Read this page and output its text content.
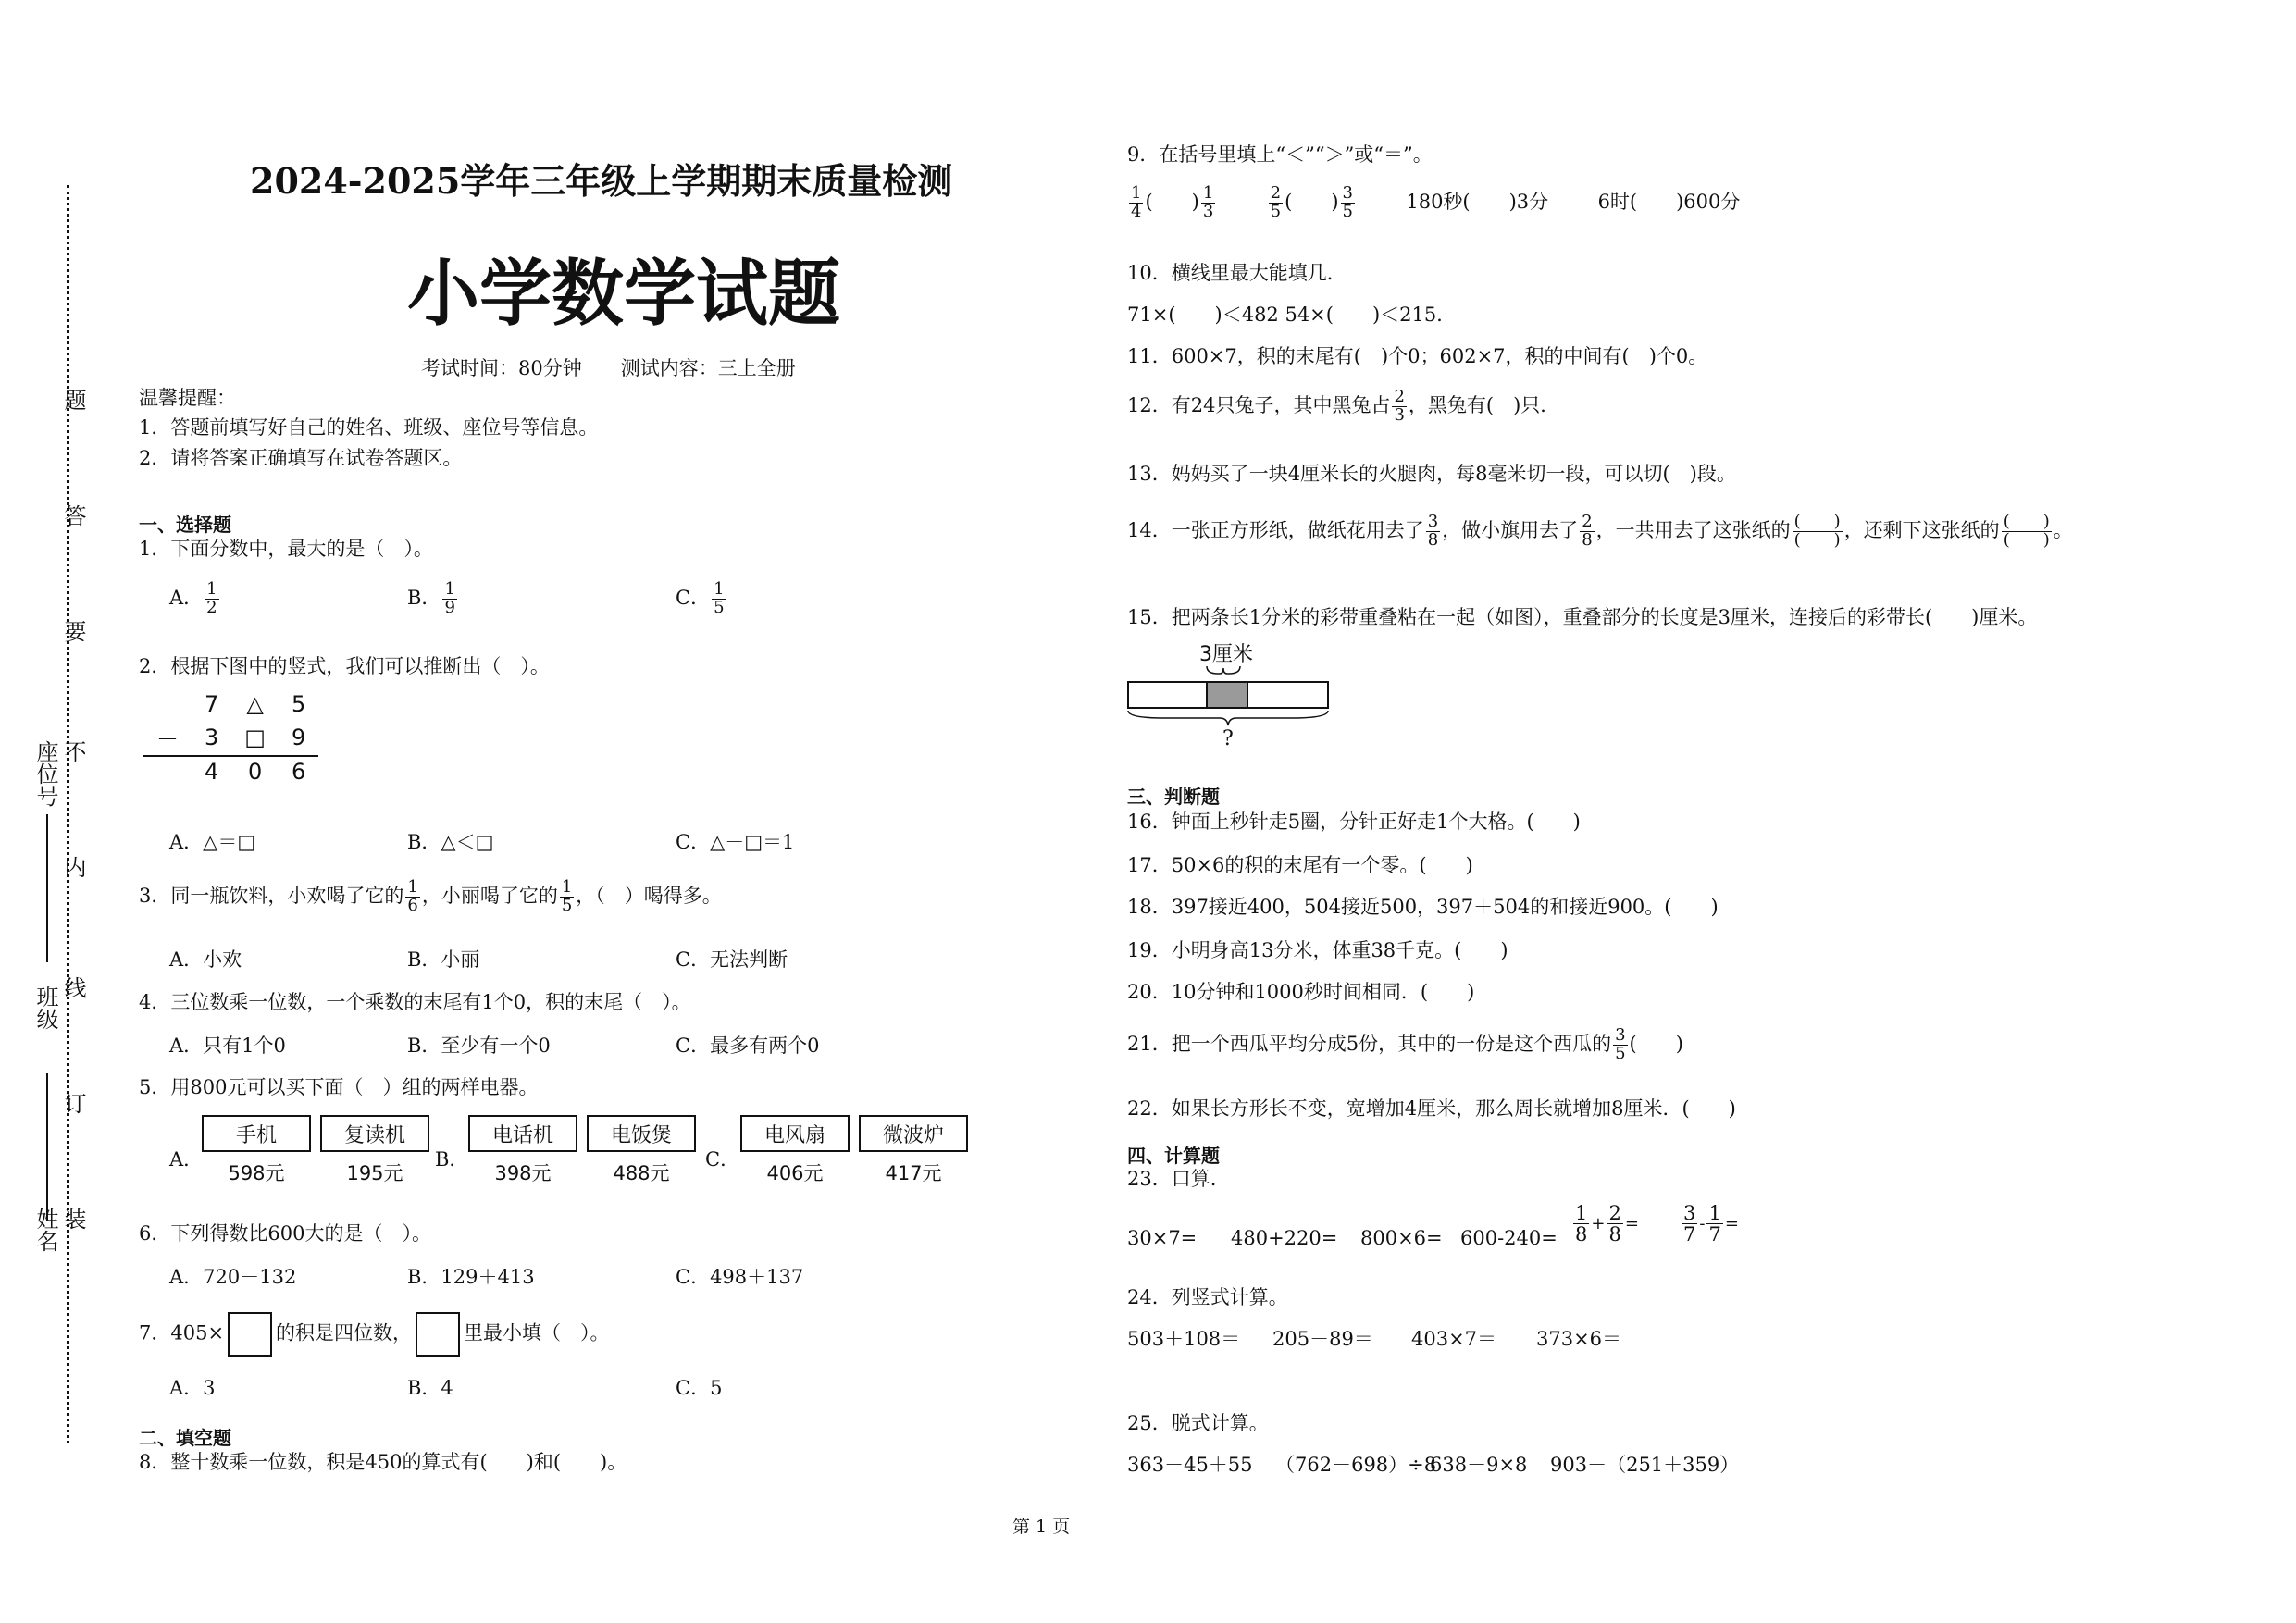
题
答
要
不
内
线
订
装
座位号
班级
姓名
2024-2025学年三年级上学期期末质量检测
小学数学试题
考试时间：80分钟　　测试内容：三上全册
温馨提醒：
1．答题前填写好自己的姓名、班级、座位号等信息。
2．请将答案正确填写在试卷答题区。
一、选择题
1．下面分数中，最大的是（　）。
A． $\frac{1}{2}$	B． $\frac{1}{9}$	C． $\frac{1}{5}$
2．根据下图中的竖式，我们可以推断出（　）。
	7	△	5
－	3	□	9
	4	0	6
A．△＝□	B．△＜□	C．△－□＝1
3．同一瓶饮料，小欢喝了它的 $\frac{1}{6}$ ，小丽喝了它的 $\frac{1}{5}$ ，（　）喝得多。
A．小欢	B．小丽	C．无法判断
4．三位数乘一位数，一个乘数的末尾有1个0，积的末尾（　）。
A．只有1个0	B．至少有一个0	C．最多有两个0
5．用800元可以买下面（　）组的两样电器。
A．
手机
598元
复读机
195元
B．
电话机
398元
电饭煲
488元
C．
电风扇
406元
微波炉
417元
6．下列得数比600大的是（　）。
A．720－132	B．129＋413	C．498＋137
7．405×	的积是四位数，	里最小填（　）。
A．3	B．4	C．5
二、填空题
8．整十数乘一位数，积是450的算式有(　　)和(　　)。
9．在括号里填上“＜”“＞”或“＝”。
$\frac{1}{4}$ (　　) $\frac{1}{3}$
	$\frac{2}{5}$ (　　) $\frac{3}{5}$	180秒(　　)3分	6时(　　)600分
10．横线里最大能填几．
71×(　　)＜482 54×(　　)＜215．
11．600×7，积的末尾有(　)个0；602×7，积的中间有(　)个0。
12．有24只兔子，其中黑兔占 $\frac{2}{3}$ ，黑兔有(　)只．
13．妈妈买了一块4厘米长的火腿肉，每8毫米切一段，可以切(　)段。
14．一张正方形纸，做纸花用去了 $\frac{3}{8}$ ，做小旗用去了 $\frac{2}{8}$ ，一共用去了这张纸的 $\frac{( )}{( )}$ ，还剩下这张纸的 $\frac{( )}{( )}$ 。
15．把两条长1分米的彩带重叠粘在一起（如图），重叠部分的长度是3厘米，连接后的彩带长(　　)厘米。
3厘米
?
三、判断题
16．钟面上秒针走5圈，分针正好走1个大格。(　　)
17．50×6的积的末尾有一个零。(　　)
18．397接近400，504接近500，397＋504的和接近900。(　　)
19．小明身高13分米，体重38千克。(　　)
20．10分钟和1000秒时间相同．(　　)
21．把一个西瓜平均分成5份，其中的一份是这个西瓜的 $\frac{3}{5}$ (　　)
22．如果长方形长不变，宽增加4厘米，那么周长就增加8厘米．(　　)
四、计算题
23．口算.
$30\times 7= 480+220= 800\times 6= 600-240= \frac{1}{8} + \frac{2}{8} = \frac{3}{7} - \frac{1}{7}$ =
24．列竖式计算。
503＋108＝ 205－89＝ 403×7＝ 373×6＝
25．脱式计算。
363－45＋55 （762－698）÷8
638－9×8 903－（251＋359）
第 1 页
